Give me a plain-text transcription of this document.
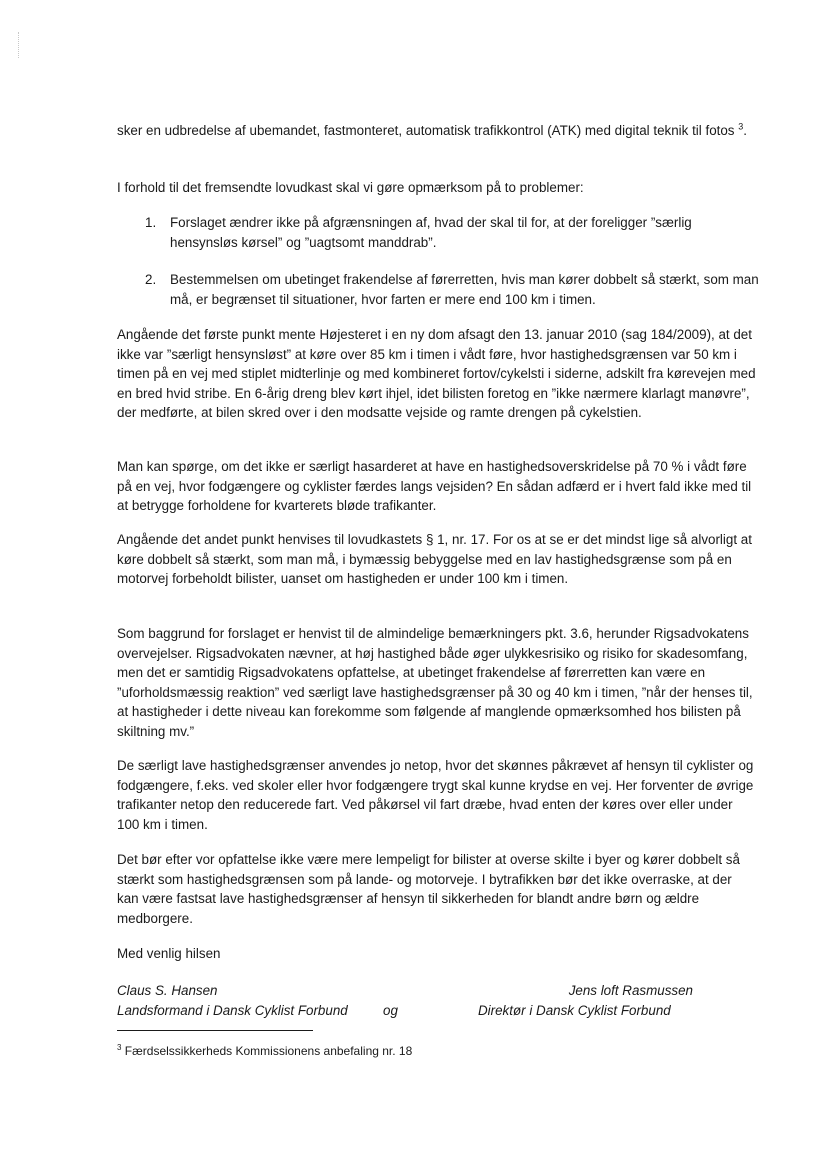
sker en udbredelse af ubemandet, fastmonteret, automatisk trafikkontrol (ATK) med digital teknik til fotos $^3$.

I forhold til det fremsendte lovudkast skal vi gøre opmærksom på to problemer:

1. Forslaget ændrer ikke på afgrænsningen af, hvad der skal til for, at der foreligger ”særlig hensynsløs kørsel” og ”uagtsomt manddrab”.
2. Bestemmelsen om ubetinget frakendelse af førerretten, hvis man kører dobbelt så stærkt, som man må, er begrænset til situationer, hvor farten er mere end 100 km i timen.

Angående det første punkt mente Højesteret i en ny dom afsagt den 13. januar 2010 (sag 184/2009), at det ikke var ”særligt hensynsløst” at køre over 85 km i timen i vådt føre, hvor hastighedsgrænsen var 50 km i timen på en vej med stiplet midterlinje og med kombineret fortov/cykelsti i siderne, adskilt fra kørevejen med en bred hvid stribe. En 6-årig dreng blev kørt ihjel, idet bilisten foretog en ”ikke nærmere klarlagt manøvre”, der medførte, at bilen skred over i den modsatte vejside og ramte drengen på cykelstien.

Man kan spørge, om det ikke er særligt hasarderet at have en hastighedsoverskridelse på 70 % i vådt føre på en vej, hvor fodgængere og cyklister færdes langs vejsiden? En sådan adfærd er i hvert fald ikke med til at betrygge forholdene for kvarterets bløde trafikanter.

Angående det andet punkt henvises til lovudkastets § 1, nr. 17. For os at se er det mindst lige så alvorligt at køre dobbelt så stærkt, som man må, i bymæssig bebyggelse med en lav hastighedsgrænse som på en motorvej forbeholdt bilister, uanset om hastigheden er under 100 km i timen.

Som baggrund for forslaget er henvist til de almindelige bemærkningers pkt. 3.6, herunder Rigsadvokatens overvejelser. Rigsadvokaten nævner, at høj hastighed både øger ulykkesrisiko og risiko for skadesomfang, men det er samtidig Rigsadvokatens opfattelse, at ubetinget frakendelse af førerretten kan være en ”uforholdsmæssig reaktion” ved særligt lave hastighedsgrænser på 30 og 40 km i timen, ”når der henses til, at hastigheder i dette niveau kan forekomme som følgende af manglende opmærksomhed hos bilisten på skiltning mv.”

De særligt lave hastighedsgrænser anvendes jo netop, hvor det skønnes påkrævet af hensyn til cyklister og fodgængere, f.eks. ved skoler eller hvor fodgængere trygt skal kunne krydse en vej. Her forventer de øvrige trafikanter netop den reducerede fart. Ved påkørsel vil fart dræbe, hvad enten der køres over eller under 100 km i timen.

Det bør efter vor opfattelse ikke være mere lempeligt for bilister at overse skilte i byer og kører dobbelt så stærkt som hastighedsgrænsen som på lande- og motorveje. I bytrafikken bør det ikke overraske, at der kan være fastsat lave hastighedsgrænser af hensyn til sikkerheden for blandt andre børn og ældre medborgere.

Med venlig hilsen

Claus S. Hansen
Landsformand i Dansk Cyklist Forbund	og
Jens loft Rasmussen
Direktør i Dansk Cyklist Forbund
$^3$ Færdselssikkerheds Kommissionens anbefaling nr. 18
